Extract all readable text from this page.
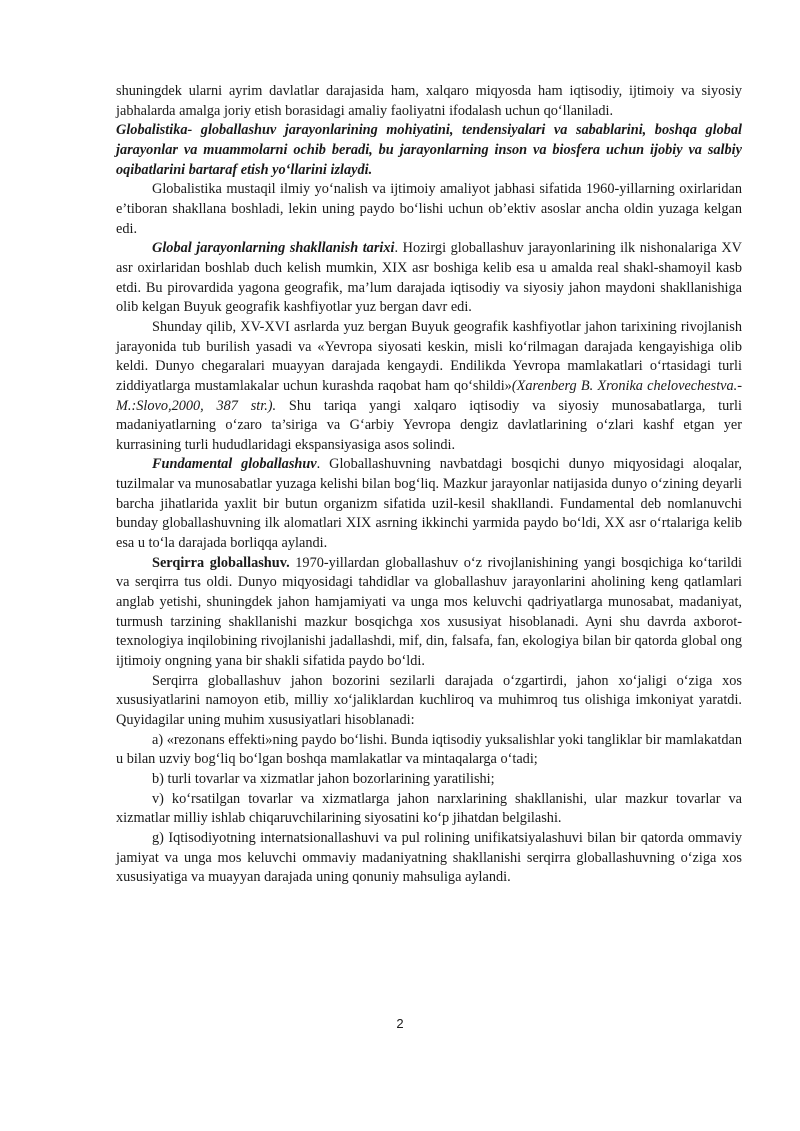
shuningdek ularni ayrim davlatlar darajasida ham, xalqaro miqyosda ham iqtisodiy, ijtimoiy va siyosiy jabhalarda amalga joriy etish borasidagi amaliy faoliyatni ifodalash uchun qo‘llaniladi.

Globalistika- globallashuv jarayonlarining mohiyatini, tendensiyalari va sabablarini, boshqa global jarayonlar va muammolarni ochib beradi, bu jarayonlarning inson va biosfera uchun ijobiy va salbiy oqibatlarini bartaraf etish yo‘llarini izlaydi.

Globalistika mustaqil ilmiy yo‘nalish va ijtimoiy amaliyot jabhasi sifatida 1960-yillarning oxirlaridan e’tiboran shakllana boshladi, lekin uning paydo bo‘lishi uchun ob’ektiv asoslar ancha oldin yuzaga kelgan edi.

Global jarayonlarning shakllanish tarixi. Hozirgi globallashuv jarayonlarining ilk nishonalariga XV asr oxirlaridan boshlab duch kelish mumkin, XIX asr boshiga kelib esa u amalda real shakl-shamoyil kasb etdi. Bu pirovardida yagona geografik, ma’lum darajada iqtisodiy va siyosiy jahon maydoni shakllanishiga olib kelgan Buyuk geografik kashfiyotlar yuz bergan davr edi.

Shunday qilib, XV-XVI asrlarda yuz bergan Buyuk geografik kashfiyotlar jahon tarixining rivojlanish jarayonida tub burilish yasadi va «Yevropa siyosati keskin, misli ko‘rilmagan darajada kengayishiga olib keldi. Dunyo chegaralari muayyan darajada kengaydi. Endilikda Yevropa mamlakatlari o‘rtasidagi turli ziddiyatlarga mustamlakalar uchun kurashda raqobat ham qo‘shildi»(Xarenberg B. Xronika chelovechestva.- M.:Slovo,2000, 387 str.). Shu tariqa yangi xalqaro iqtisodiy va siyosiy munosabatlarga, turli madaniyatlarning o‘zaro ta’siriga va G‘arbiy Yevropa dengiz davlatlarining o‘zlari kashf etgan yer kurrasining turli hududlaridagi ekspansiyasiga asos solindi.

Fundamental globallashuv. Globallashuvning navbatdagi bosqichi dunyo miqyosidagi aloqalar, tuzilmalar va munosabatlar yuzaga kelishi bilan bog‘liq. Mazkur jarayonlar natijasida dunyo o‘zining deyarli barcha jihatlarida yaxlit bir butun organizm sifatida uzil-kesil shakllandi. Fundamental deb nomlanuvchi bunday globallashuvning ilk alomatlari XIX asrning ikkinchi yarmida paydo bo‘ldi, XX asr o‘rtalariga kelib esa u to‘la darajada borliqqa aylandi.

Serqirra globallashuv. 1970-yillardan globallashuv o‘z rivojlanishining yangi bosqichiga ko‘tarildi va serqirra tus oldi. Dunyo miqyosidagi tahdidlar va globallashuv jarayonlarini aholining keng qatlamlari anglab yetishi, shuningdek jahon hamjamiyati va unga mos keluvchi qadriyatlarga munosabat, madaniyat, turmush tarzining shakllanishi mazkur bosqichga xos xususiyat hisoblanadi. Ayni shu davrda axborot-texnologiya inqilobining rivojlanishi jadallashdi, mif, din, falsafa, fan, ekologiya bilan bir qatorda global ong ijtimoiy ongning yana bir shakli sifatida paydo bo‘ldi.

Serqirra globallashuv jahon bozorini sezilarli darajada o‘zgartirdi, jahon xo‘jaligi o‘ziga xos xususiyatlarini namoyon etib, milliy xo‘jaliklardan kuchliroq va muhimroq tus olishiga imkoniyat yaratdi. Quyidagilar uning muhim xususiyatlari hisoblanadi:

a) «rezonans effekti»ning paydo bo‘lishi. Bunda iqtisodiy yuksalishlar yoki tangliklar bir mamlakatdan u bilan uzviy bog‘liq bo‘lgan boshqa mamlakatlar va mintaqalarga o‘tadi;

b) turli tovarlar va xizmatlar jahon bozorlarining yaratilishi;

v) ko‘rsatilgan tovarlar va xizmatlarga jahon narxlarining shakllanishi, ular mazkur tovarlar va xizmatlar milliy ishlab chiqaruvchilarining siyosatini ko‘p jihatdan belgilashi.

g) Iqtisodiyotning internatsionallashuvi va pul rolining unifikatsiyalashuvi bilan bir qatorda ommaviy jamiyat va unga mos keluvchi ommaviy madaniyatning shakllanishi serqirra globallashuvning o‘ziga xos xususiyatiga va muayyan darajada uning qonuniy mahsuliga aylandi.

2
